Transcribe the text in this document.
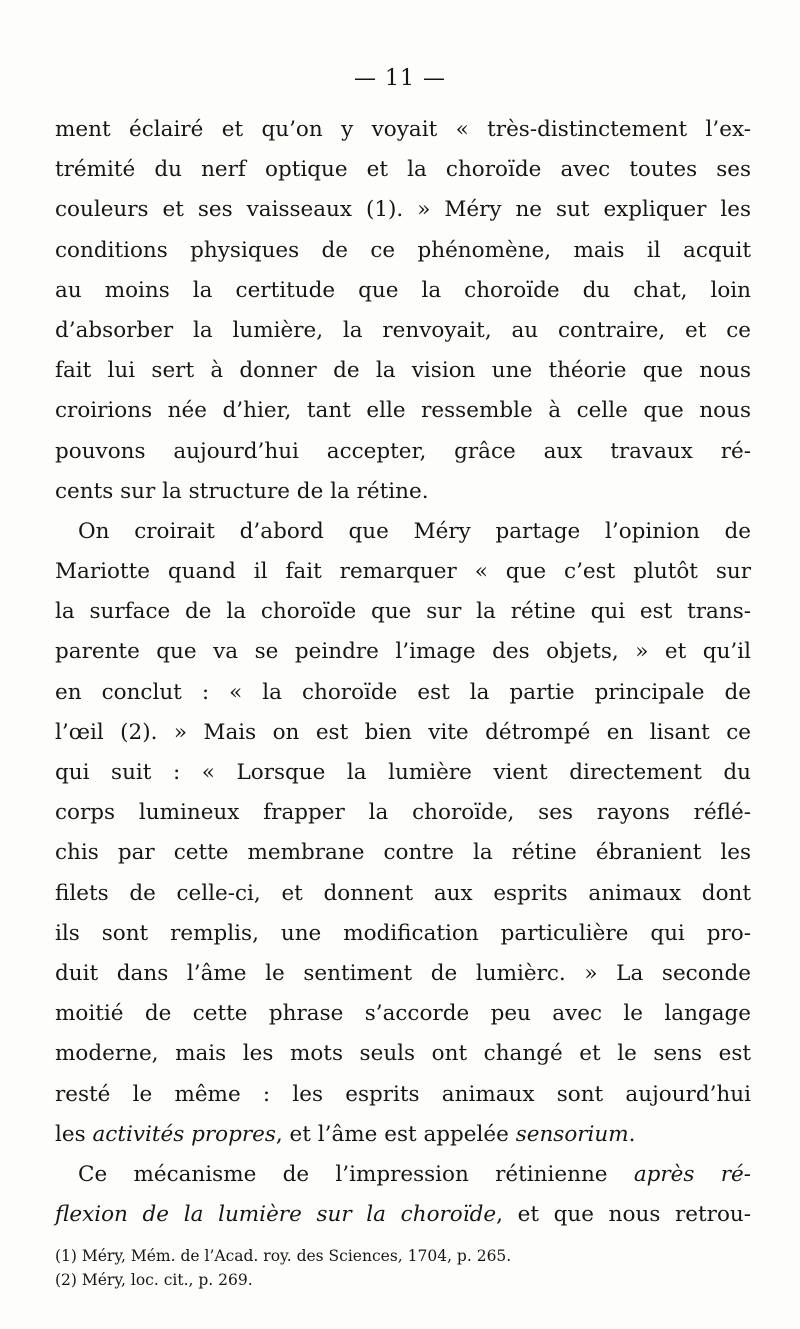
— 11 —
ment éclairé et qu’on y voyait « très-distinctement l’ex-
trémité du nerf optique et la choroïde avec toutes ses
couleurs et ses vaisseaux (1). » Méry ne sut expliquer les
conditions physiques de ce phénomène, mais il acquit
au moins la certitude que la choroïde du chat, loin
d’absorber la lumière, la renvoyait, au contraire, et ce
fait lui sert à donner de la vision une théorie que nous
croirions née d’hier, tant elle ressemble à celle que nous
pouvons aujourd’hui accepter, grâce aux travaux ré-
cents sur la structure de la rétine.
On croirait d’abord que Méry partage l’opinion de
Mariotte quand il fait remarquer « que c’est plutôt sur
la surface de la choroïde que sur la rétine qui est trans-
parente que va se peindre l’image des objets, » et qu’il
en conclut : « la choroïde est la partie principale de
l’œil (2). » Mais on est bien vite détrompé en lisant ce
qui suit : « Lorsque la lumière vient directement du
corps lumineux frapper la choroïde, ses rayons réflé-
chis par cette membrane contre la rétine ébranient les
filets de celle-ci, et donnent aux esprits animaux dont
ils sont remplis, une modification particulière qui pro-
duit dans l’âme le sentiment de lumièrc. » La seconde
moitié de cette phrase s’accorde peu avec le langage
moderne, mais les mots seuls ont changé et le sens est
resté le même : les esprits animaux sont aujourd’hui
les activités propres, et l’âme est appelée sensorium.
Ce mécanisme de l’impression rétinienne après ré-
flexion de la lumière sur la choroïde, et que nous retrou-
(1) Méry, Mém. de l’Acad. roy. des Sciences, 1704, p. 265.
(2) Méry, loc. cit., p. 269.
